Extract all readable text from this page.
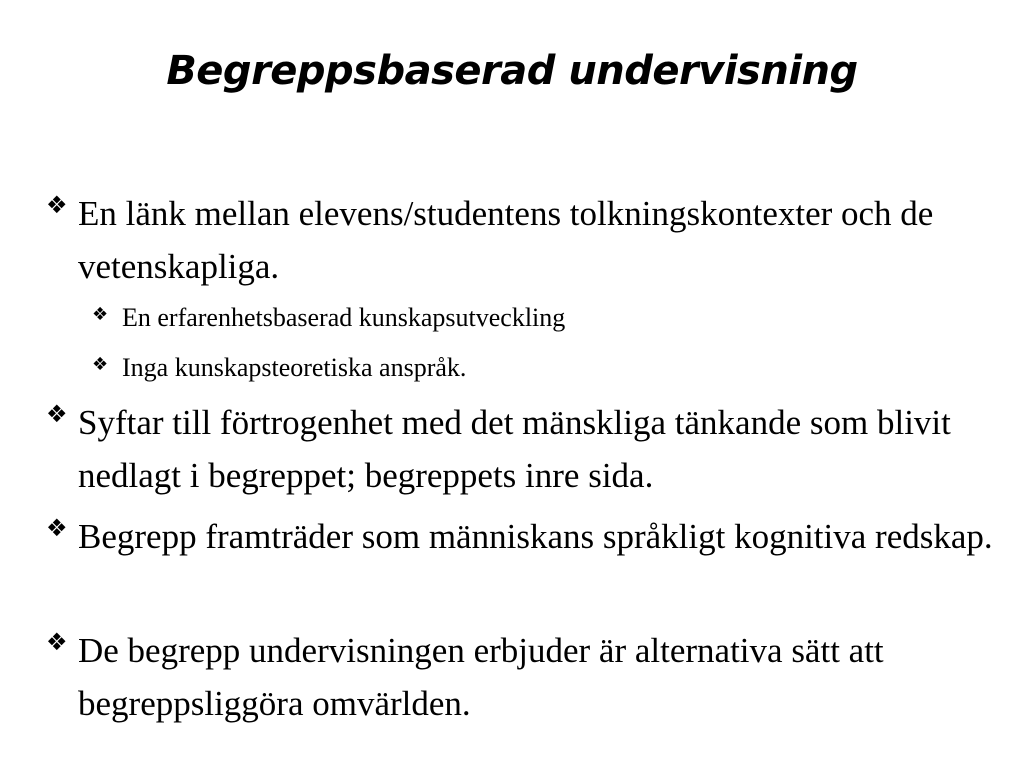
Begreppsbaserad undervisning
❖ En länk mellan elevens/studentens tolkningskontexter och de vetenskapliga.
❖ En erfarenhetsbaserad kunskapsutveckling
❖ Inga kunskapsteoretiska anspråk.
❖ Syftar till förtrogenhet med det mänskliga tänkande som blivit nedlagt i begreppet; begreppets inre sida.
❖ Begrepp framträder som människans språkligt kognitiva redskap.
❖ De begrepp undervisningen erbjuder är alternativa sätt att begreppsliggöra omvärlden.
